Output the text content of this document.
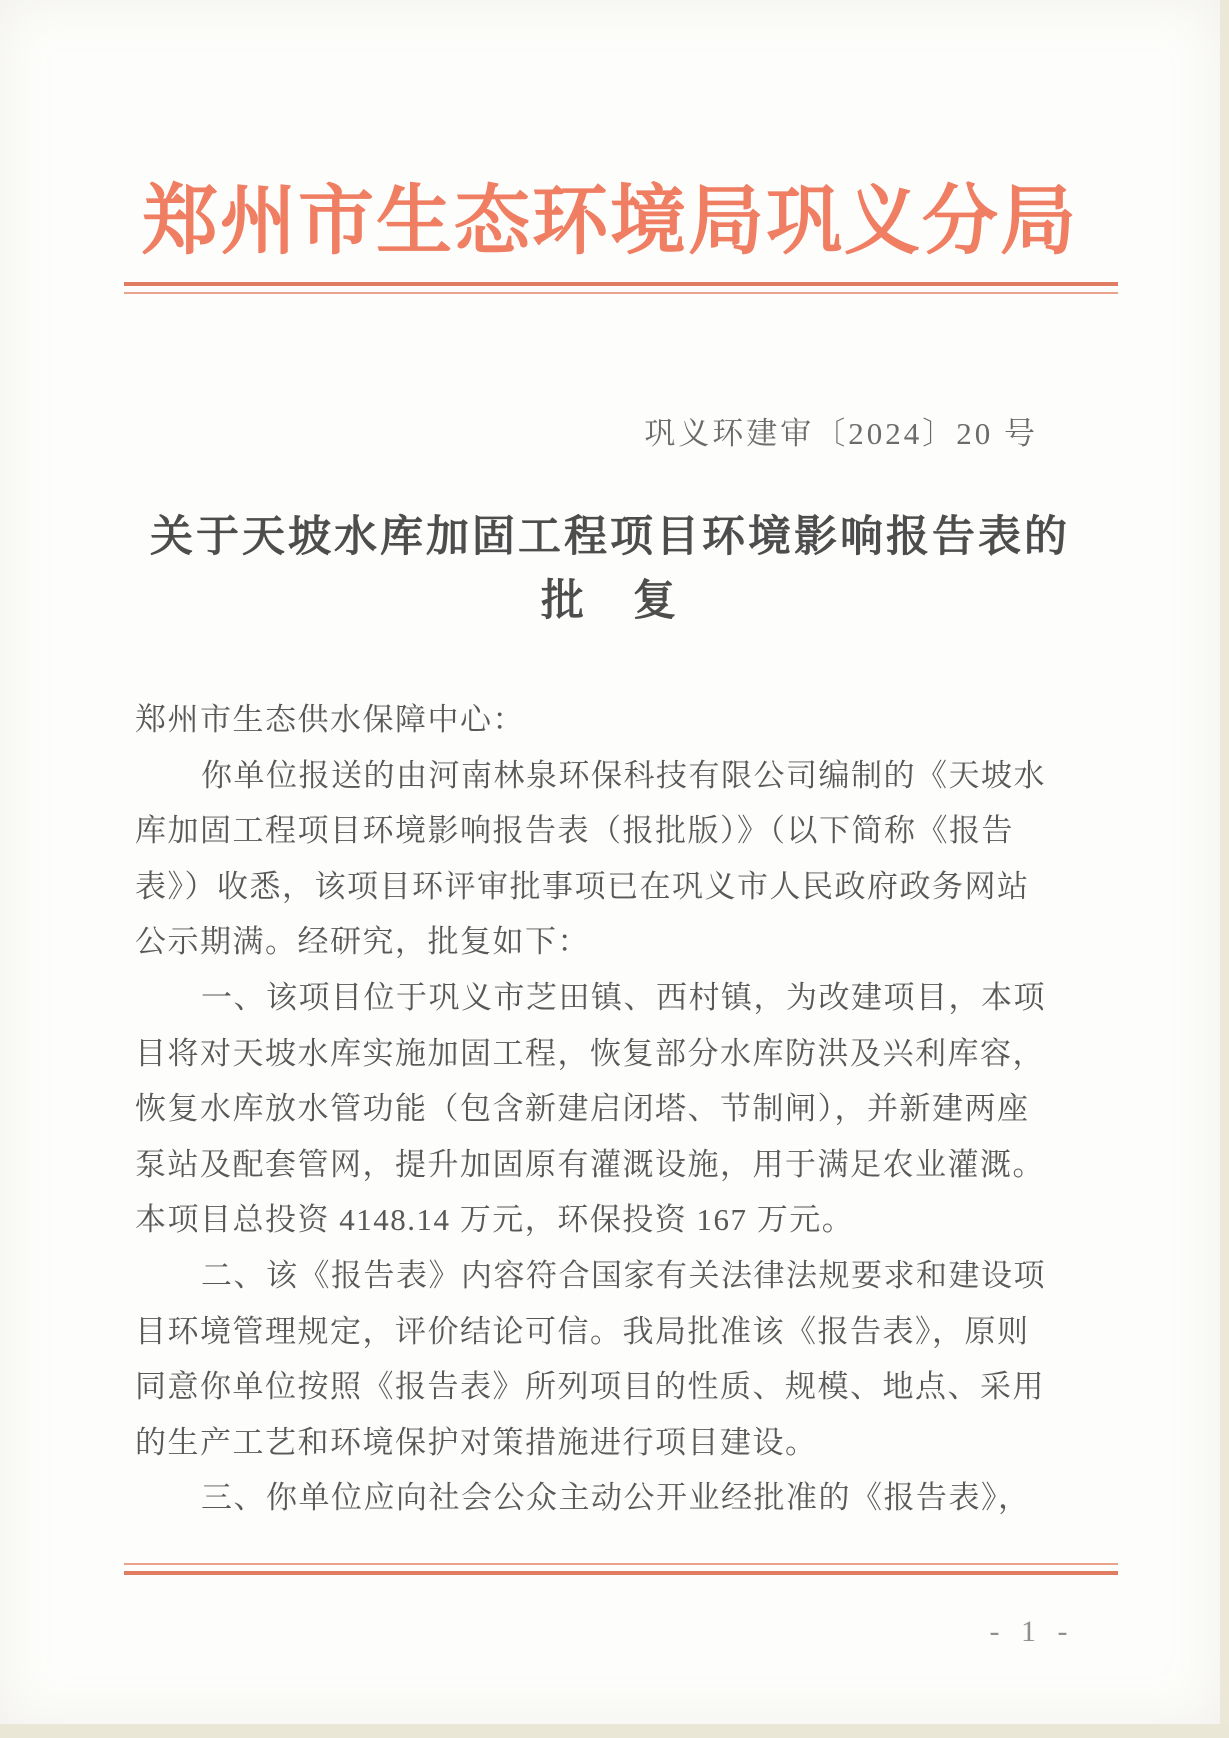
郑州市生态环境局巩义分局
巩义环建审〔2024〕20 号
关于天坡水库加固工程项目环境影响报告表的
批　复
郑州市生态供水保障中心：
你单位报送的由河南林泉环保科技有限公司编制的《天坡水
库加固工程项目环境影响报告表（报批版）》（以下简称《报告
表》）收悉，该项目环评审批事项已在巩义市人民政府政务网站
公示期满。经研究，批复如下：
一、该项目位于巩义市芝田镇、西村镇，为改建项目，本项
目将对天坡水库实施加固工程，恢复部分水库防洪及兴利库容，
恢复水库放水管功能（包含新建启闭塔、节制闸），并新建两座
泵站及配套管网，提升加固原有灌溉设施，用于满足农业灌溉。
本项目总投资 4148.14 万元，环保投资 167 万元。
二、该《报告表》内容符合国家有关法律法规要求和建设项
目环境管理规定，评价结论可信。我局批准该《报告表》，原则
同意你单位按照《报告表》所列项目的性质、规模、地点、采用
的生产工艺和环境保护对策措施进行项目建设。
三、你单位应向社会公众主动公开业经批准的《报告表》，
- 1 -
